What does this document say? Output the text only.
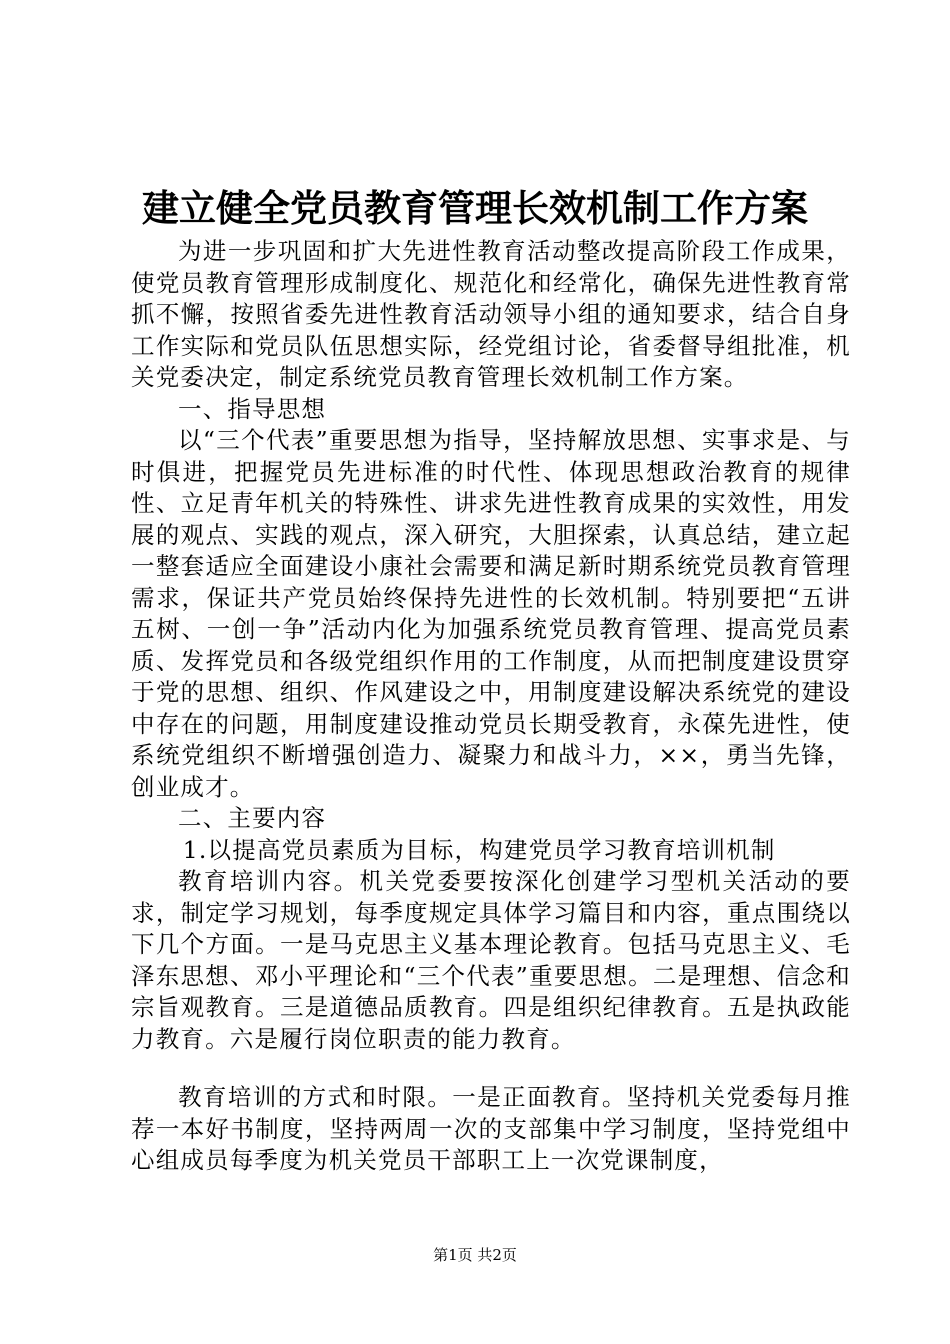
建立健全党员教育管理长效机制工作方案

为进一步巩固和扩大先进性教育活动整改提高阶段工作成果，使党员教育管理形成制度化、规范化和经常化，确保先进性教育常抓不懈，按照省委先进性教育活动领导小组的通知要求，结合自身工作实际和党员队伍思想实际，经党组讨论，省委督导组批准，机关党委决定，制定系统党员教育管理长效机制工作方案。

一、指导思想

以“三个代表”重要思想为指导，坚持解放思想、实事求是、与时俱进，把握党员先进标准的时代性、体现思想政治教育的规律性、立足青年机关的特殊性、讲求先进性教育成果的实效性，用发展的观点、实践的观点，深入研究，大胆探索，认真总结，建立起一整套适应全面建设小康社会需要和满足新时期系统党员教育管理需求，保证共产党员始终保持先进性的长效机制。特别要把“五讲五树、一创一争”活动内化为加强系统党员教育管理、提高党员素质、发挥党员和各级党组织作用的工作制度，从而把制度建设贯穿于党的思想、组织、作风建设之中，用制度建设解决系统党的建设中存在的问题，用制度建设推动党员长期受教育，永葆先进性，使系统党组织不断增强创造力、凝聚力和战斗力，××，勇当先锋，创业成才。

二、主要内容

1.以提高党员素质为目标，构建党员学习教育培训机制

教育培训内容。机关党委要按深化创建学习型机关活动的要求，制定学习规划，每季度规定具体学习篇目和内容，重点围绕以下几个方面。一是马克思主义基本理论教育。包括马克思主义、毛泽东思想、邓小平理论和“三个代表”重要思想。二是理想、信念和宗旨观教育。三是道德品质教育。四是组织纪律教育。五是执政能力教育。六是履行岗位职责的能力教育。

教育培训的方式和时限。一是正面教育。坚持机关党委每月推荐一本好书制度，坚持两周一次的支部集中学习制度，坚持党组中心组成员每季度为机关党员干部职工上一次党课制度，

第1页 共2页
